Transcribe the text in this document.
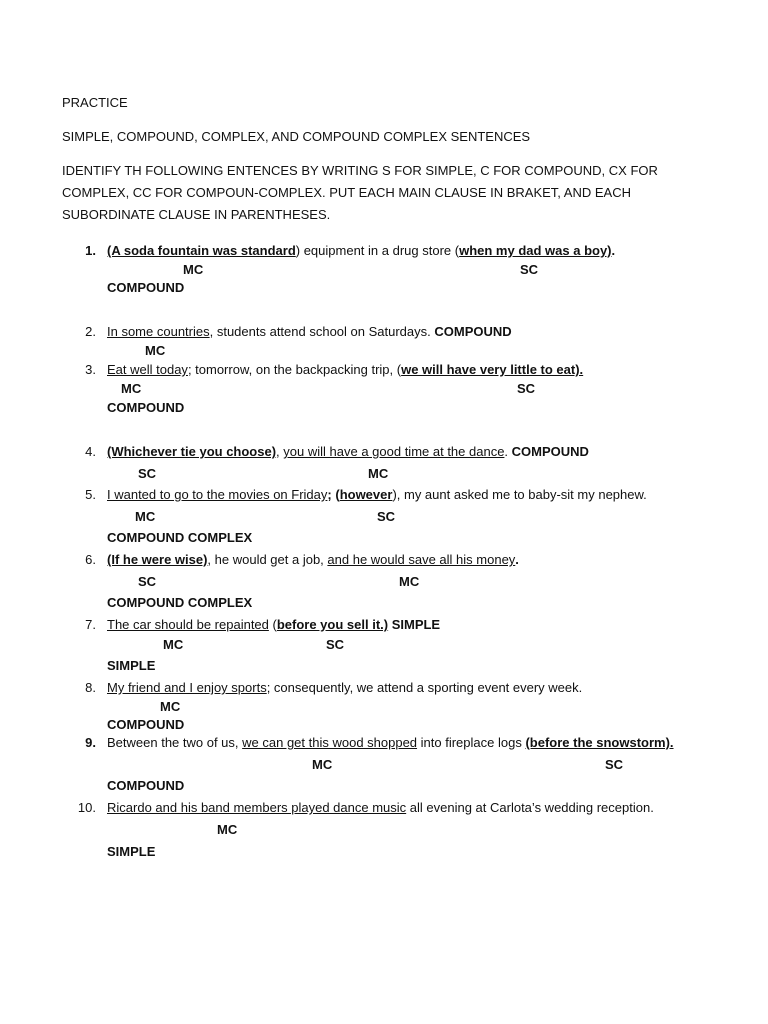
PRACTICE
SIMPLE, COMPOUND, COMPLEX, AND COMPOUND COMPLEX SENTENCES
IDENTIFY TH FOLLOWING ENTENCES BY WRITING S FOR SIMPLE, C FOR COMPOUND, CX FOR COMPLEX, CC FOR COMPOUN-COMPLEX. PUT EACH MAIN CLAUSE IN BRAKET, AND EACH SUBORDINATE CLAUSE IN PARENTHESES.
1. (A soda fountain was standard) equipment in a drug store (when my dad was a boy).
MC	SC
COMPOUND
2. In some countries, students attend school on Saturdays. COMPOUND
MC
3. Eat well today; tomorrow, on the backpacking trip, (we will have very little to eat).
MC	SC
COMPOUND
4. (Whichever tie you choose), you will have a good time at the dance. COMPOUND
SC	MC
5. I wanted to go to the movies on Friday; (however), my aunt asked me to baby-sit my nephew.
MC	SC
COMPOUND COMPLEX
6. (If he were wise), he would get a job, and he would save all his money.
SC	MC
COMPOUND COMPLEX
7. The car should be repainted (before you sell it.) SIMPLE
MC	SC
SIMPLE
8. My friend and I enjoy sports; consequently, we attend a sporting event every week.
MC
COMPOUND
9. Between the two of us, we can get this wood shopped into fireplace logs (before the snowstorm).
MC	SC
COMPOUND
10. Ricardo and his band members played dance music all evening at Carlota’s wedding reception.
MC
SIMPLE
